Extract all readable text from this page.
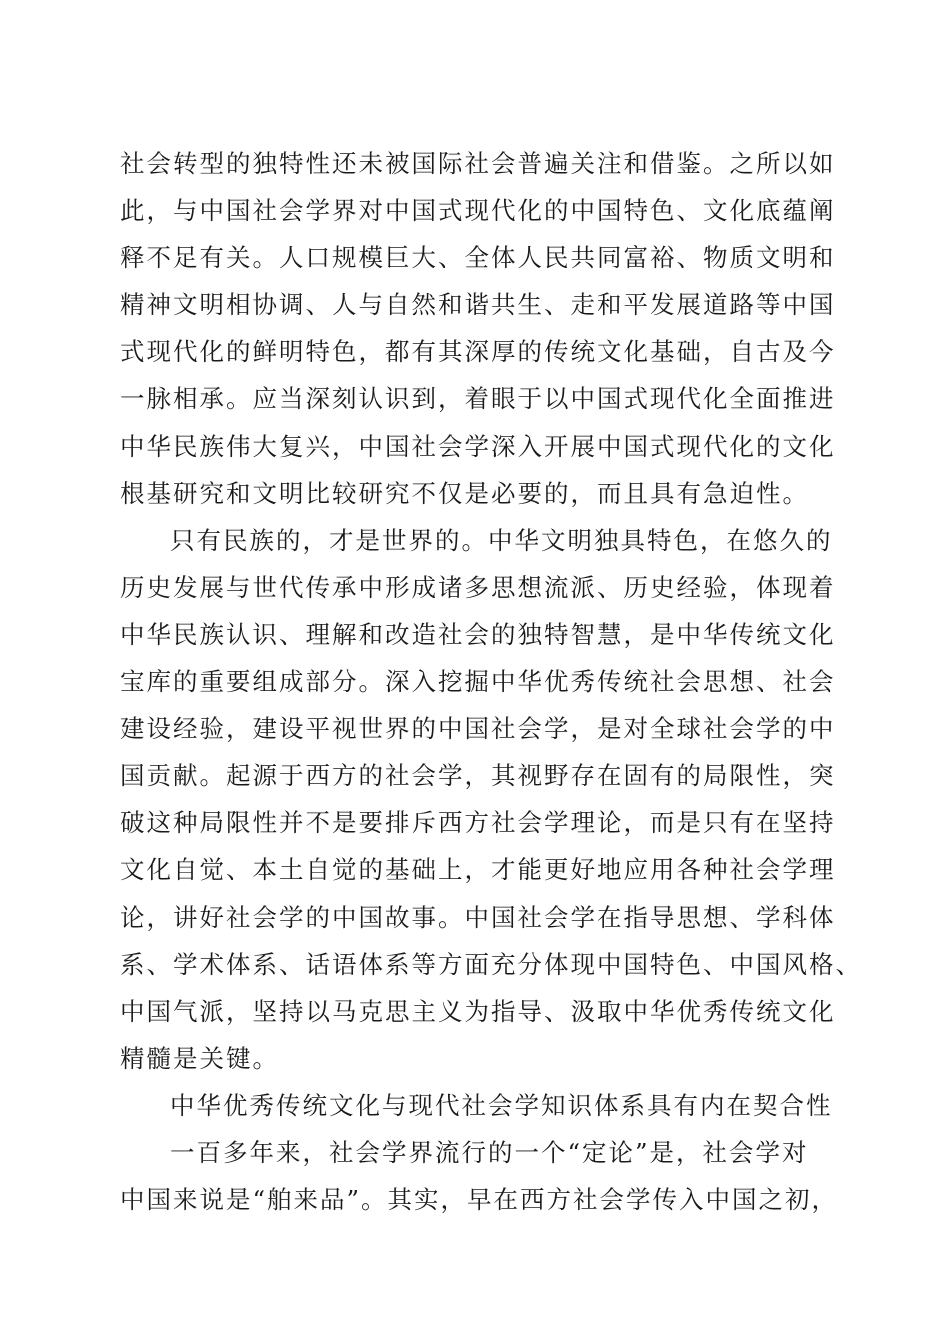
社会转型的独特性还未被国际社会普遍关注和借鉴。之所以如
此，与中国社会学界对中国式现代化的中国特色、文化底蕴阐
释不足有关。人口规模巨大、全体人民共同富裕、物质文明和
精神文明相协调、人与自然和谐共生、走和平发展道路等中国
式现代化的鲜明特色，都有其深厚的传统文化基础，自古及今
一脉相承。应当深刻认识到，着眼于以中国式现代化全面推进
中华民族伟大复兴，中国社会学深入开展中国式现代化的文化
根基研究和文明比较研究不仅是必要的，而且具有急迫性。
只有民族的，才是世界的。中华文明独具特色，在悠久的
历史发展与世代传承中形成诸多思想流派、历史经验，体现着
中华民族认识、理解和改造社会的独特智慧，是中华传统文化
宝库的重要组成部分。深入挖掘中华优秀传统社会思想、社会
建设经验，建设平视世界的中国社会学，是对全球社会学的中
国贡献。起源于西方的社会学，其视野存在固有的局限性，突
破这种局限性并不是要排斥西方社会学理论，而是只有在坚持
文化自觉、本土自觉的基础上，才能更好地应用各种社会学理
论，讲好社会学的中国故事。中国社会学在指导思想、学科体
系、学术体系、话语体系等方面充分体现中国特色、中国风格、
中国气派，坚持以马克思主义为指导、汲取中华优秀传统文化
精髓是关键。
中华优秀传统文化与现代社会学知识体系具有内在契合性
一百多年来，社会学界流行的一个“定论”是，社会学对
中国来说是“舶来品”。其实，早在西方社会学传入中国之初，
